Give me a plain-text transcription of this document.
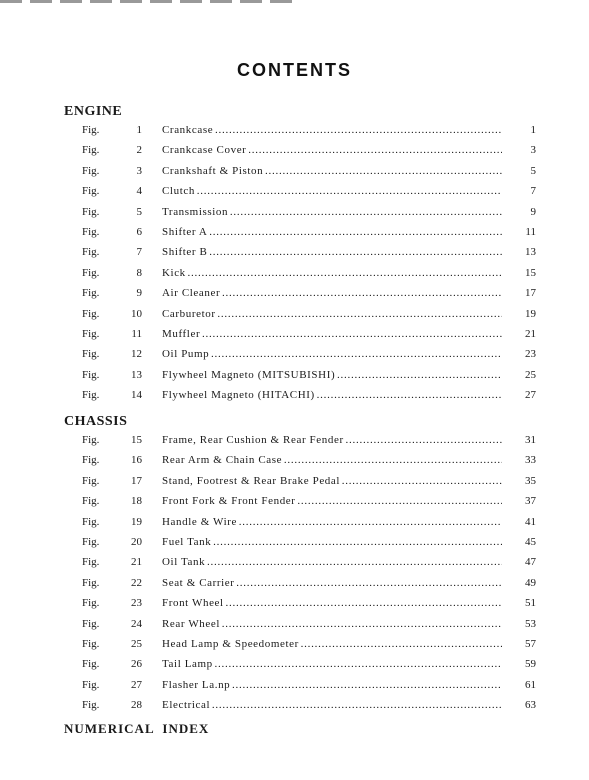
CONTENTS
ENGINE
Fig.	1	Crankcase . . .	1
Fig.	2	Crankcase Cover . . .	3
Fig.	3	Crankshaft & Piston . . .	5
Fig.	4	Clutch . . .	7
Fig.	5	Transmission . . .	9
Fig.	6	Shifter A . . .	11
Fig.	7	Shifter B . . .	13
Fig.	8	Kick . . .	15
Fig.	9	Air Cleaner . . .	17
Fig.	10	Carburetor . . .	19
Fig.	11	Muffler . . .	21
Fig.	12	Oil Pump . . .	23
Fig.	13	Flywheel Magneto (MITSUBISHI) . . .	25
Fig.	14	Flywheel Magneto (HITACHI) . . .	27
CHASSIS
Fig.	15	Frame, Rear Cushion & Rear Fender . . .	31
Fig.	16	Rear Arm & Chain Case . . .	33
Fig.	17	Stand, Footrest & Rear Brake Pedal . . .	35
Fig.	18	Front Fork & Front Fender . . .	37
Fig.	19	Handle & Wire . . .	41
Fig.	20	Fuel Tank . . .	45
Fig.	21	Oil Tank . . .	47
Fig.	22	Seat & Carrier . . .	49
Fig.	23	Front Wheel . . .	51
Fig.	24	Rear Wheel . . .	53
Fig.	25	Head Lamp & Speedometer . . .	57
Fig.	26	Tail Lamp . . .	59
Fig.	27	Flasher La.np . . .	61
Fig.	28	Electrical . . .	63
NUMERICAL  INDEX
